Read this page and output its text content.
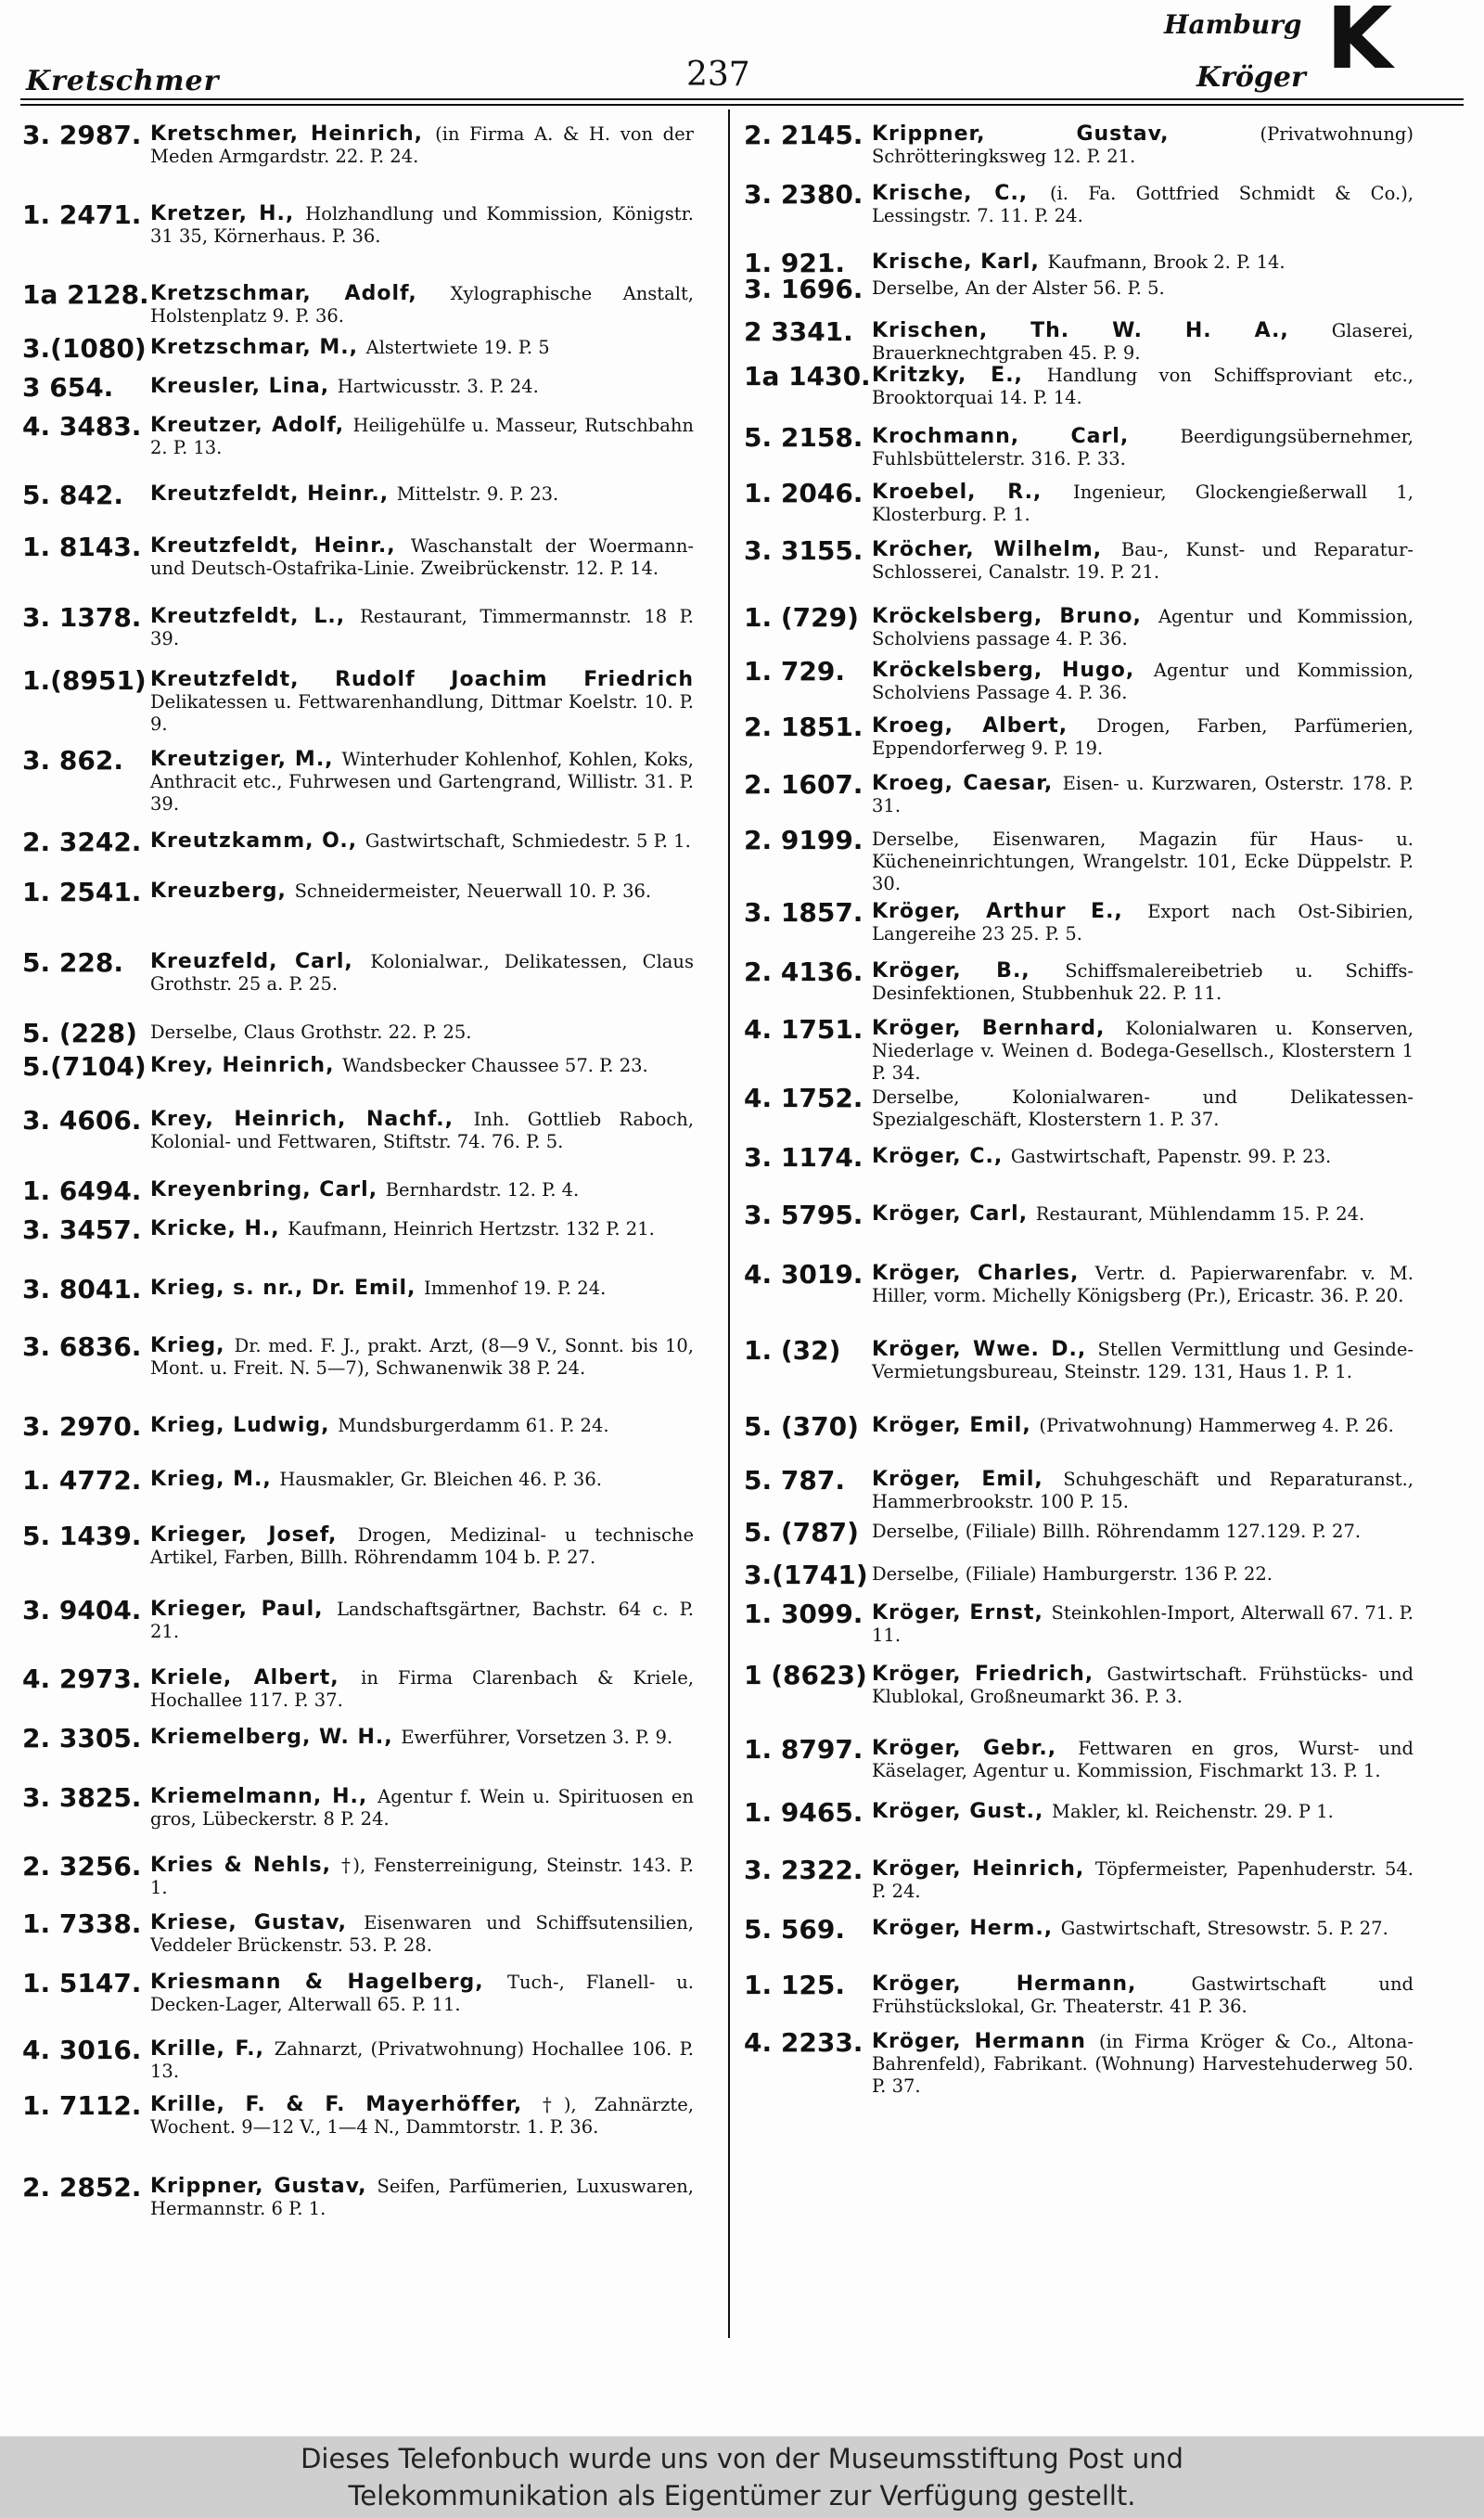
Kretschmer	237
Hamburg
Kröger K
3. 2987. Kretschmer, Heinrich, (in Firma A. & H. von der Meden Armgardstr. 22. P. 24.
1. 2471. Kretzer, H., Holzhandlung und Kommission, Königstr. 31 35, Körnerhaus. P. 36.
1a 2128. Kretzschmar, Adolf, Xylographische Anstalt, Holstenplatz 9. P. 36.
3.(1080) Kretzschmar, M., Alstertwiete 19. P. 5
3 654. Kreusler, Lina, Hartwicusstr. 3. P. 24.
4. 3483. Kreutzer, Adolf, Heiligehülfe u. Masseur, Rutschbahn 2. P. 13.
5. 842. Kreutzfeldt, Heinr., Mittelstr. 9. P. 23.
1. 8143. Kreutzfeldt, Heinr., Waschanstalt der Woermann- und Deutsch-Ostafrika-Linie. Zweibrückenstr. 12. P. 14.
3. 1378. Kreutzfeldt, L., Restaurant, Timmermannstr. 18 P. 39.
1.(8951) Kreutzfeldt, Rudolf Joachim Friedrich Delikatessen u. Fettwarenhandlung, Dittmar Koelstr. 10. P. 9.
3. 862. Kreutziger, M., Winterhuder Kohlenhof, Kohlen, Koks, Anthracit etc., Fuhrwesen und Gartengrand, Willistr. 31. P. 39.
2. 3242. Kreutzkamm, O., Gastwirtschaft, Schmiedestr. 5 P. 1.
1. 2541. Kreuzberg, Schneidermeister, Neuerwall 10. P. 36.
5. 228. Kreuzfeld, Carl, Kolonialwar., Delikatessen, Claus Grothstr. 25 a. P. 25.
5. (228) Derselbe, Claus Grothstr. 22. P. 25.
5.(7104) Krey, Heinrich, Wandsbecker Chaussee 57. P. 23.
3. 4606. Krey, Heinrich, Nachf., Inh. Gottlieb Raboch, Kolonial- und Fettwaren, Stiftstr. 74. 76. P. 5.
1. 6494. Kreyenbring, Carl, Bernhardstr. 12. P. 4.
3. 3457. Kricke, H., Kaufmann, Heinrich Hertzstr. 132 P. 21.
3. 8041. Krieg, s. nr., Dr. Emil, Immenhof 19. P. 24.
3. 6836. Krieg, Dr. med. F. J., prakt. Arzt, (8—9 V., Sonnt. bis 10, Mont. u. Freit. N. 5—7), Schwanenwik 38 P. 24.
3. 2970. Krieg, Ludwig, Mundsburgerdamm 61. P. 24.
1. 4772. Krieg, M., Hausmakler, Gr. Bleichen 46. P. 36.
5. 1439. Krieger, Josef, Drogen, Medizinal- u technische Artikel, Farben, Billh. Röhrendamm 104 b. P. 27.
3. 9404. Krieger, Paul, Landschaftsgärtner, Bachstr. 64 c. P. 21.
4. 2973. Kriele, Albert, in Firma Clarenbach & Kriele, Hochallee 117. P. 37.
2. 3305. Kriemelberg, W. H., Ewerführer, Vorsetzen 3. P. 9.
3. 3825. Kriemelmann, H., Agentur f. Wein u. Spirituosen en gros, Lübeckerstr. 8 P. 24.
2. 3256. Kries & Nehls, †), Fensterreinigung, Steinstr. 143. P. 1.
1. 7338. Kriese, Gustav, Eisenwaren und Schiffsutensilien, Veddeler Brückenstr. 53. P. 28.
1. 5147. Kriesmann & Hagelberg, Tuch-, Flanell- u. Decken-Lager, Alterwall 65. P. 11.
4. 3016. Krille, F., Zahnarzt, (Privatwohnung) Hochallee 106. P. 13.
1. 7112. Krille, F. & F. Mayerhöffer, †), Zahnärzte, Wochent. 9—12 V., 1—4 N., Dammtorstr. 1. P. 36.
2. 2852. Krippner, Gustav, Seifen, Parfümerien, Luxuswaren, Hermannstr. 6 P. 1.
2. 2145. Krippner, Gustav, (Privatwohnung) Schrötteringksweg 12. P. 21.
3. 2380. Krische, C., (i. Fa. Gottfried Schmidt & Co.), Lessingstr. 7. 11. P. 24.
1. 921. Krische, Karl, Kaufmann, Brook 2. P. 14.
3. 1696. Derselbe, An der Alster 56. P. 5.
2 3341. Krischen, Th. W. H. A., Glaserei, Brauerknechtgraben 45. P. 9.
1a 1430. Kritzky, E., Handlung von Schiffsproviant etc., Brooktorquai 14. P. 14.
5. 2158. Krochmann, Carl, Beerdigungsübernehmer, Fuhlsbüttelerstr. 316. P. 33.
1. 2046. Kroebel, R., Ingenieur, Glockengießerwall 1, Klosterburg. P. 1.
3. 3155. Kröcher, Wilhelm, Bau-, Kunst- und Reparatur-Schlosserei, Canalstr. 19. P. 21.
1. (729) Kröckelsberg, Bruno, Agentur und Kommission, Scholviens passage 4. P. 36.
1. 729. Kröckelsberg, Hugo, Agentur und Kommission, Scholviens Passage 4. P. 36.
2. 1851. Kroeg, Albert, Drogen, Farben, Parfümerien, Eppendorferweg 9. P. 19.
2. 1607. Kroeg, Caesar, Eisen- u. Kurzwaren, Osterstr. 178. P. 31.
2. 9199. Derselbe, Eisenwaren, Magazin für Haus- u. Kücheneinrichtungen, Wrangelstr. 101, Ecke Düppelstr. P. 30.
3. 1857. Kröger, Arthur E., Export nach Ost-Sibirien, Langereihe 23 25. P. 5.
2. 4136. Kröger, B., Schiffsmalereibetrieb u. Schiffs-Desinfektionen, Stubbenhuk 22. P. 11.
4. 1751. Kröger, Bernhard, Kolonialwaren u. Konserven, Niederlage v. Weinen d. Bodega-Gesellsch., Klosterstern 1 P. 34.
4. 1752. Derselbe, Kolonialwaren- und Delikatessen-Spezialgeschäft, Klosterstern 1. P. 37.
3. 1174. Kröger, C., Gastwirtschaft, Papenstr. 99. P. 23.
3. 5795. Kröger, Carl, Restaurant, Mühlendamm 15. P. 24.
4. 3019. Kröger, Charles, Vertr. d. Papierwarenfabr. v. M. Hiller, vorm. Michelly Königsberg (Pr.), Ericastr. 36. P. 20.
1. (32) Kröger, Wwe. D., Stellen Vermittlung und Gesinde-Vermietungsbureau, Steinstr. 129. 131, Haus 1. P. 1.
5. (370) Kröger, Emil, (Privatwohnung) Hammerweg 4. P. 26.
5. 787. Kröger, Emil, Schuhgeschäft und Reparaturanst., Hammerbrookstr. 100 P. 15.
5. (787) Derselbe, (Filiale) Billh. Röhrendamm 127.129. P. 27.
3.(1741) Derselbe, (Filiale) Hamburgerstr. 136 P. 22.
1. 3099. Kröger, Ernst, Steinkohlen-Import, Alterwall 67. 71. P. 11.
1 (8623) Kröger, Friedrich, Gastwirtschaft. Frühstücks- und Klublokal, Großneumarkt 36. P. 3.
1. 8797. Kröger, Gebr., Fettwaren en gros, Wurst- und Käselager, Agentur u. Kommission, Fischmarkt 13. P. 1.
1. 9465. Kröger, Gust., Makler, kl. Reichenstr. 29. P 1.
3. 2322. Kröger, Heinrich, Töpfermeister, Papenhuderstr. 54. P. 24.
5. 569. Kröger, Herm., Gastwirtschaft, Stresowstr. 5. P. 27.
1. 125. Kröger, Hermann, Gastwirtschaft und Frühstückslokal, Gr. Theaterstr. 41 P. 36.
4. 2233. Kröger, Hermann (in Firma Kröger & Co., Altona-Bahrenfeld), Fabrikant. (Wohnung) Harvestehuderweg 50. P. 37.
Dieses Telefonbuch wurde uns von der Museumsstiftung Post und
Telekommunikation als Eigentümer zur Verfügung gestellt.
